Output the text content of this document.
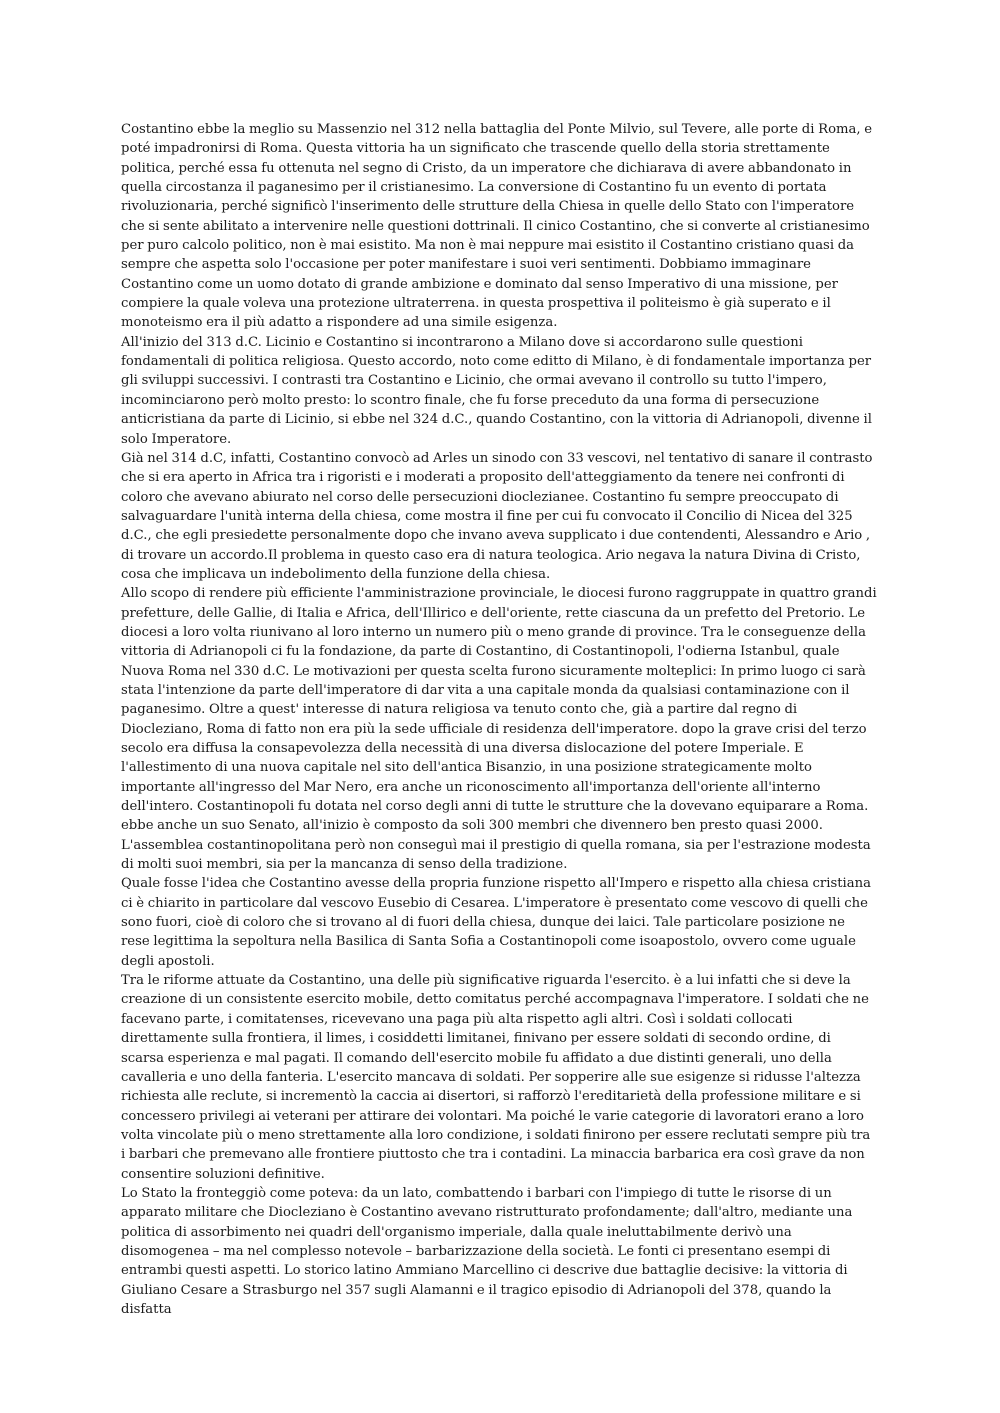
Costantino ebbe la meglio su Massenzio nel 312 nella battaglia del Ponte Milvio, sul Tevere, alle porte di Roma, e poté impadronirsi di Roma. Questa vittoria ha un significato che trascende quello della storia strettamente politica, perché essa fu ottenuta nel segno di Cristo, da un imperatore che dichiarava di avere abbandonato in quella circostanza il paganesimo per il cristianesimo. La conversione di Costantino fu un evento di portata rivoluzionaria, perché significò l'inserimento delle strutture della Chiesa in quelle dello Stato con l'imperatore che si sente abilitato a intervenire nelle questioni dottrinali. Il cinico Costantino, che si converte al cristianesimo per puro calcolo politico, non è mai esistito. Ma non è mai neppure mai esistito il Costantino cristiano quasi da sempre che aspetta solo l'occasione per poter manifestare i suoi veri sentimenti. Dobbiamo immaginare Costantino come un uomo dotato di grande ambizione e dominato dal senso Imperativo di una missione, per compiere la quale voleva una protezione ultraterrena. in questa prospettiva il politeismo è già superato e il monoteismo era il più adatto a rispondere ad una simile esigenza.

All'inizio del 313 d.C. Licinio e Costantino si incontrarono a Milano dove si accordarono sulle questioni fondamentali di politica religiosa. Questo accordo, noto come editto di Milano, è di fondamentale importanza per gli sviluppi successivi. I contrasti tra Costantino e Licinio, che ormai avevano il controllo su tutto l'impero, incominciarono però molto presto: lo scontro finale, che fu forse preceduto da una forma di persecuzione anticristiana da parte di Licinio, si ebbe nel 324 d.C., quando Costantino, con la vittoria di Adrianopoli, divenne il solo Imperatore.

Già nel 314 d.C, infatti, Costantino convocò ad Arles un sinodo con 33 vescovi, nel tentativo di sanare il contrasto che si era aperto in Africa tra i rigoristi e i moderati a proposito dell'atteggiamento da tenere nei confronti di coloro che avevano abiurato nel corso delle persecuzioni dioclezianee. Costantino fu sempre preoccupato di salvaguardare l'unità interna della chiesa, come mostra il fine per cui fu convocato il Concilio di Nicea del 325 d.C., che egli presiedette personalmente dopo che invano aveva supplicato i due contendenti, Alessandro e Ario , di trovare un accordo.Il problema in questo caso era di natura teologica. Ario negava la natura Divina di Cristo, cosa che implicava un indebolimento della funzione della chiesa.

Allo scopo di rendere più efficiente l'amministrazione provinciale, le diocesi furono raggruppate in quattro grandi prefetture, delle Gallie, di Italia e Africa, dell'Illirico e dell'oriente, rette ciascuna da un prefetto del Pretorio. Le diocesi a loro volta riunivano al loro interno un numero più o meno grande di province. Tra le conseguenze della vittoria di Adrianopoli ci fu la fondazione, da parte di Costantino, di Costantinopoli, l'odierna Istanbul, quale Nuova Roma nel 330 d.C. Le motivazioni per questa scelta furono sicuramente molteplici: In primo luogo ci sarà stata l'intenzione da parte dell'imperatore di dar vita a una capitale monda da qualsiasi contaminazione con il paganesimo. Oltre a quest' interesse di natura religiosa va tenuto conto che, già a partire dal regno di Diocleziano, Roma di fatto non era più la sede ufficiale di residenza dell'imperatore. dopo la grave crisi del terzo secolo era diffusa la consapevolezza della necessità di una diversa dislocazione del potere Imperiale. E l'allestimento di una nuova capitale nel sito dell'antica Bisanzio, in una posizione strategicamente molto importante all'ingresso del Mar Nero, era anche un riconoscimento all'importanza dell'oriente all'interno dell'intero. Costantinopoli fu dotata nel corso degli anni di tutte le strutture che la dovevano equiparare a Roma. ebbe anche un suo Senato, all'inizio è composto da soli 300 membri che divennero ben presto quasi 2000. L'assemblea costantinopolitana però non conseguì mai il prestigio di quella romana, sia per l'estrazione modesta di molti suoi membri, sia per la mancanza di senso della tradizione.

Quale fosse l'idea che Costantino avesse della propria funzione rispetto all'Impero e rispetto alla chiesa cristiana ci è chiarito in particolare dal vescovo Eusebio di Cesarea. L'imperatore è presentato come vescovo di quelli che sono fuori, cioè di coloro che si trovano al di fuori della chiesa, dunque dei laici. Tale particolare posizione ne rese legittima la sepoltura nella Basilica di Santa Sofia a Costantinopoli come isoapostolo, ovvero come uguale degli apostoli.

Tra le riforme attuate da Costantino, una delle più significative riguarda l'esercito. è a lui infatti che si deve la creazione di un consistente esercito mobile, detto comitatus perché accompagnava l'imperatore. I soldati che ne facevano parte, i comitatenses, ricevevano una paga più alta rispetto agli altri. Così i soldati collocati direttamente sulla frontiera, il limes, i cosiddetti limitanei, finivano per essere soldati di secondo ordine, di scarsa esperienza e mal pagati. Il comando dell'esercito mobile fu affidato a due distinti generali, uno della cavalleria e uno della fanteria. L'esercito mancava di soldati. Per sopperire alle sue esigenze si ridusse l'altezza richiesta alle reclute, si incrementò la caccia ai disertori, si rafforzò l'ereditarietà della professione militare e si concessero privilegi ai veterani per attirare dei volontari. Ma poiché le varie categorie di lavoratori erano a loro volta vincolate più o meno strettamente alla loro condizione, i soldati finirono per essere reclutati sempre più tra i barbari che premevano alle frontiere piuttosto che tra i contadini. La minaccia barbarica era così grave da non consentire soluzioni definitive.

Lo Stato la fronteggiò come poteva: da un lato, combattendo i barbari con l'impiego di tutte le risorse di un apparato militare che Diocleziano è Costantino avevano ristrutturato profondamente; dall'altro, mediante una politica di assorbimento nei quadri dell'organismo imperiale, dalla quale ineluttabilmente derivò una disomogenea – ma nel complesso notevole – barbarizzazione della società. Le fonti ci presentano esempi di entrambi questi aspetti. Lo storico latino Ammiano Marcellino ci descrive due battaglie decisive: la vittoria di Giuliano Cesare a Strasburgo nel 357 sugli Alamanni e il tragico episodio di Adrianopoli del 378, quando la disfatta
